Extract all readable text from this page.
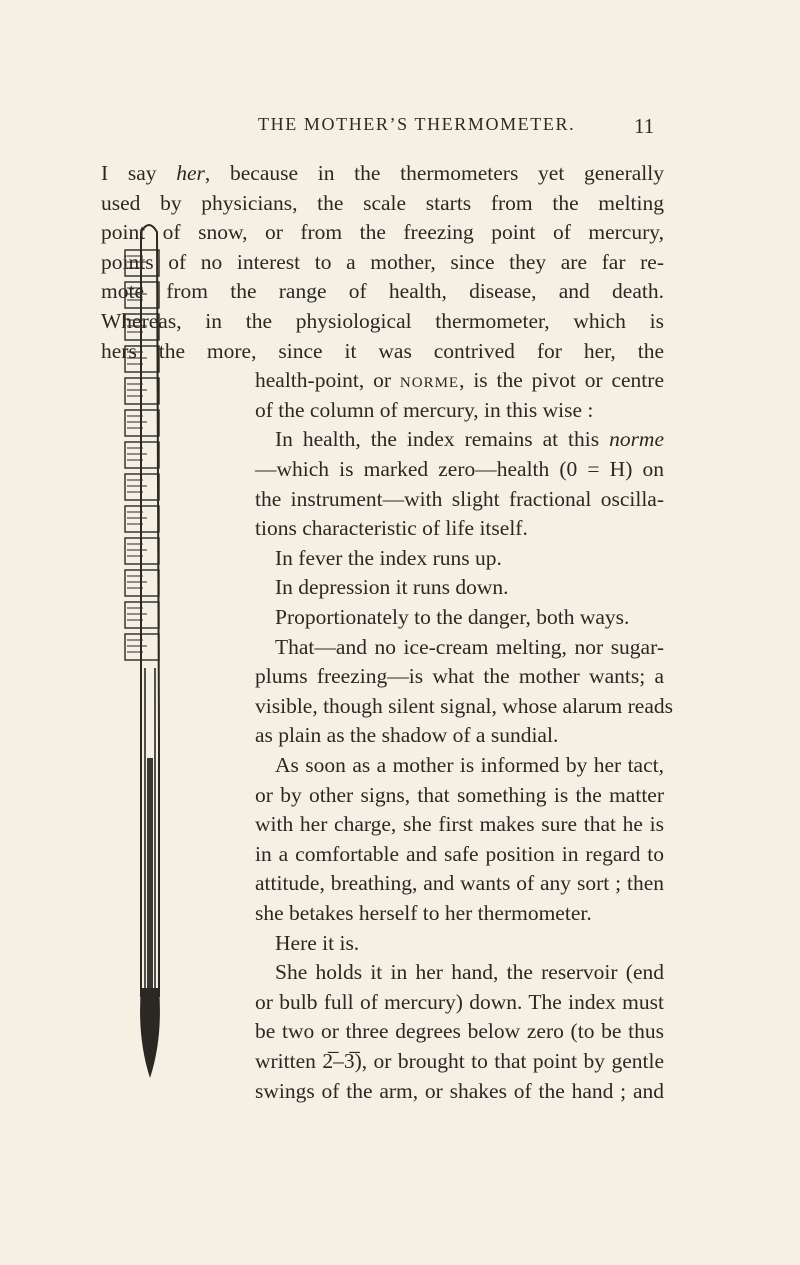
THE MOTHER’S THERMOMETER.	11
I say her, because in the thermometers yet generally
used by physicians, the scale starts from the melting
point of snow, or from the freezing point of mercury,
points of no interest to a mother, since they are far re-
mote from the range of health, disease, and death.
Whereas, in the physiological thermometer, which is
hers the more, since it was contrived for her, the
health-point, or norme, is the pivot or centre
of the column of mercury, in this wise :
In health, the index remains at this norme
—which is marked zero—health (0 = H) on
the instrument—with slight fractional oscilla-
tions characteristic of life itself.
In fever the index runs up.
In depression it runs down.
Proportionately to the danger, both ways.
That—and no ice-cream melting, nor sugar-
plums freezing—is what the mother wants; a
visible, though silent signal, whose alarum reads
as plain as the shadow of a sundial.
As soon as a mother is informed by her tact,
or by other signs, that something is the matter
with her charge, she first makes sure that he is
in a comfortable and safe position in regard to
attitude, breathing, and wants of any sort ; then
she betakes herself to her thermometer.
Here it is.
She holds it in her hand, the reservoir (end
or bulb full of mercury) down. The index must
be two or three degrees below zero (to be thus
written 2̅–3̅), or brought to that point by gentle
swings of the arm, or shakes of the hand ; and
